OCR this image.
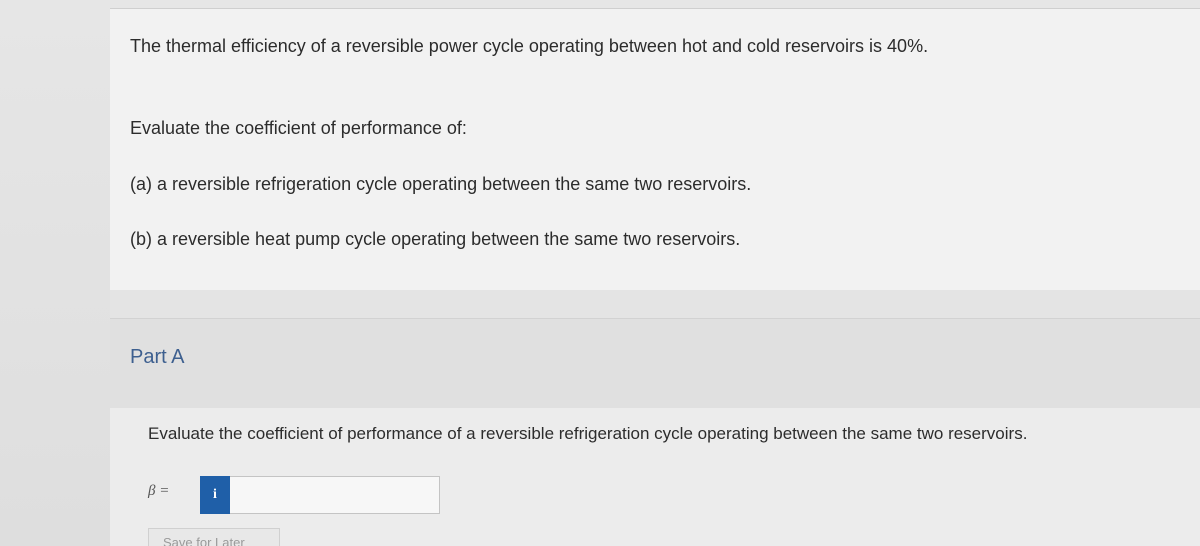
The thermal efficiency of a reversible power cycle operating between hot and cold reservoirs is 40%.
Evaluate the coefficient of performance of:
(a) a reversible refrigeration cycle operating between the same two reservoirs.
(b) a reversible heat pump cycle operating between the same two reservoirs.
Part A
Evaluate the coefficient of performance of a reversible refrigeration cycle operating between the same two reservoirs.
β =	i
Save for Later
